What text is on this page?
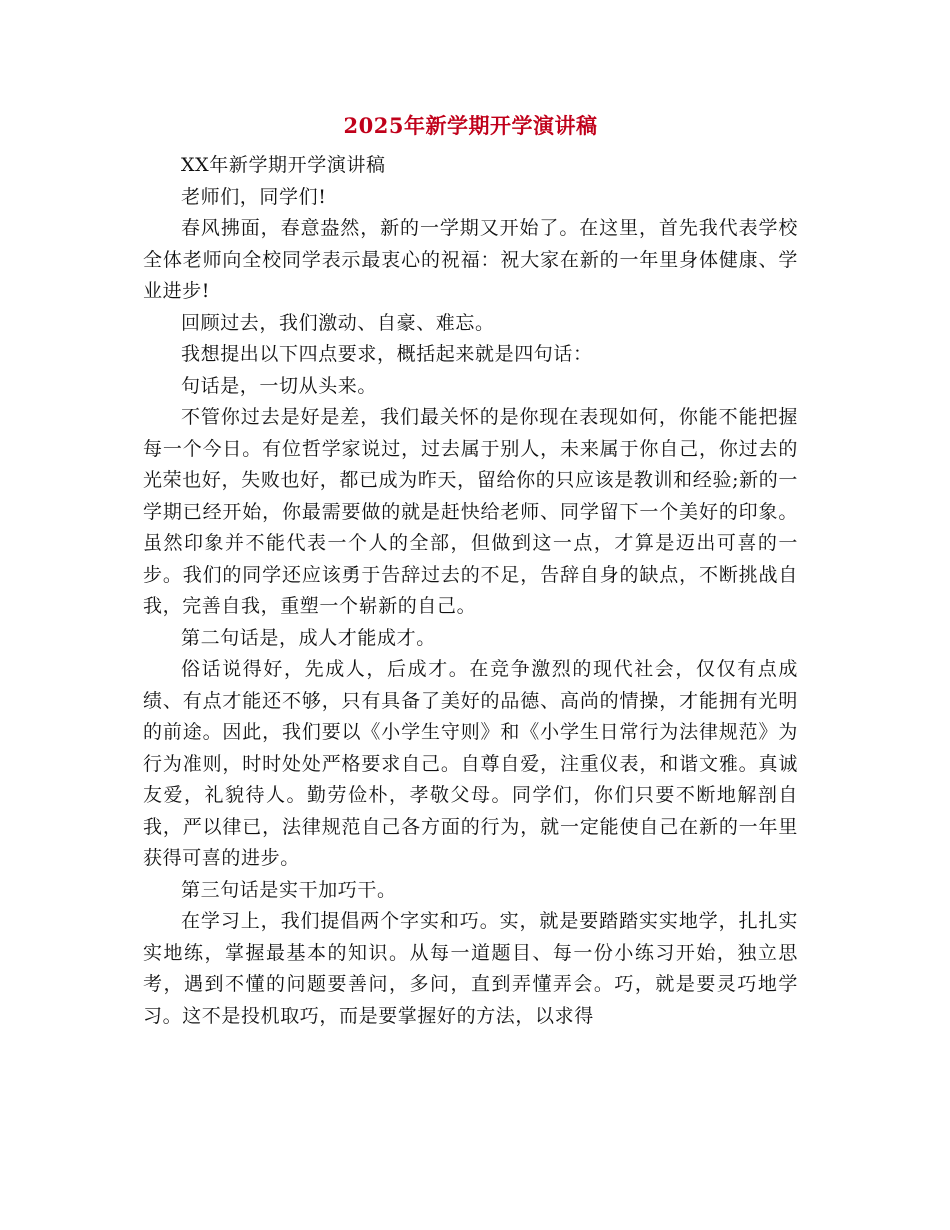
2025年新学期开学演讲稿

XX年新学期开学演讲稿

老师们，同学们!

春风拂面，春意盎然，新的一学期又开始了。在这里，首先我代表学校全体老师向全校同学表示最衷心的祝福：祝大家在新的一年里身体健康、学业进步!

回顾过去，我们激动、自豪、难忘。

我想提出以下四点要求，概括起来就是四句话：

句话是，一切从头来。

不管你过去是好是差，我们最关怀的是你现在表现如何，你能不能把握每一个今日。有位哲学家说过，过去属于别人，未来属于你自己，你过去的光荣也好，失败也好，都已成为昨天，留给你的只应该是教训和经验;新的一学期已经开始，你最需要做的就是赶快给老师、同学留下一个美好的印象。虽然印象并不能代表一个人的全部，但做到这一点，才算是迈出可喜的一步。我们的同学还应该勇于告辞过去的不足，告辞自身的缺点，不断挑战自我，完善自我，重塑一个崭新的自己。

第二句话是，成人才能成才。

俗话说得好，先成人，后成才。在竞争激烈的现代社会，仅仅有点成绩、有点才能还不够，只有具备了美好的品德、高尚的情操，才能拥有光明的前途。因此，我们要以《小学生守则》和《小学生日常行为法律规范》为行为准则，时时处处严格要求自己。自尊自爱，注重仪表，和谐文雅。真诚友爱，礼貌待人。勤劳俭朴，孝敬父母。同学们，你们只要不断地解剖自我，严以律已，法律规范自己各方面的行为，就一定能使自己在新的一年里获得可喜的进步。

第三句话是实干加巧干。

在学习上，我们提倡两个字实和巧。实，就是要踏踏实实地学，扎扎实实地练，掌握最基本的知识。从每一道题目、每一份小练习开始，独立思考，遇到不懂的问题要善问，多问，直到弄懂弄会。巧，就是要灵巧地学习。这不是投机取巧，而是要掌握好的方法，以求得
